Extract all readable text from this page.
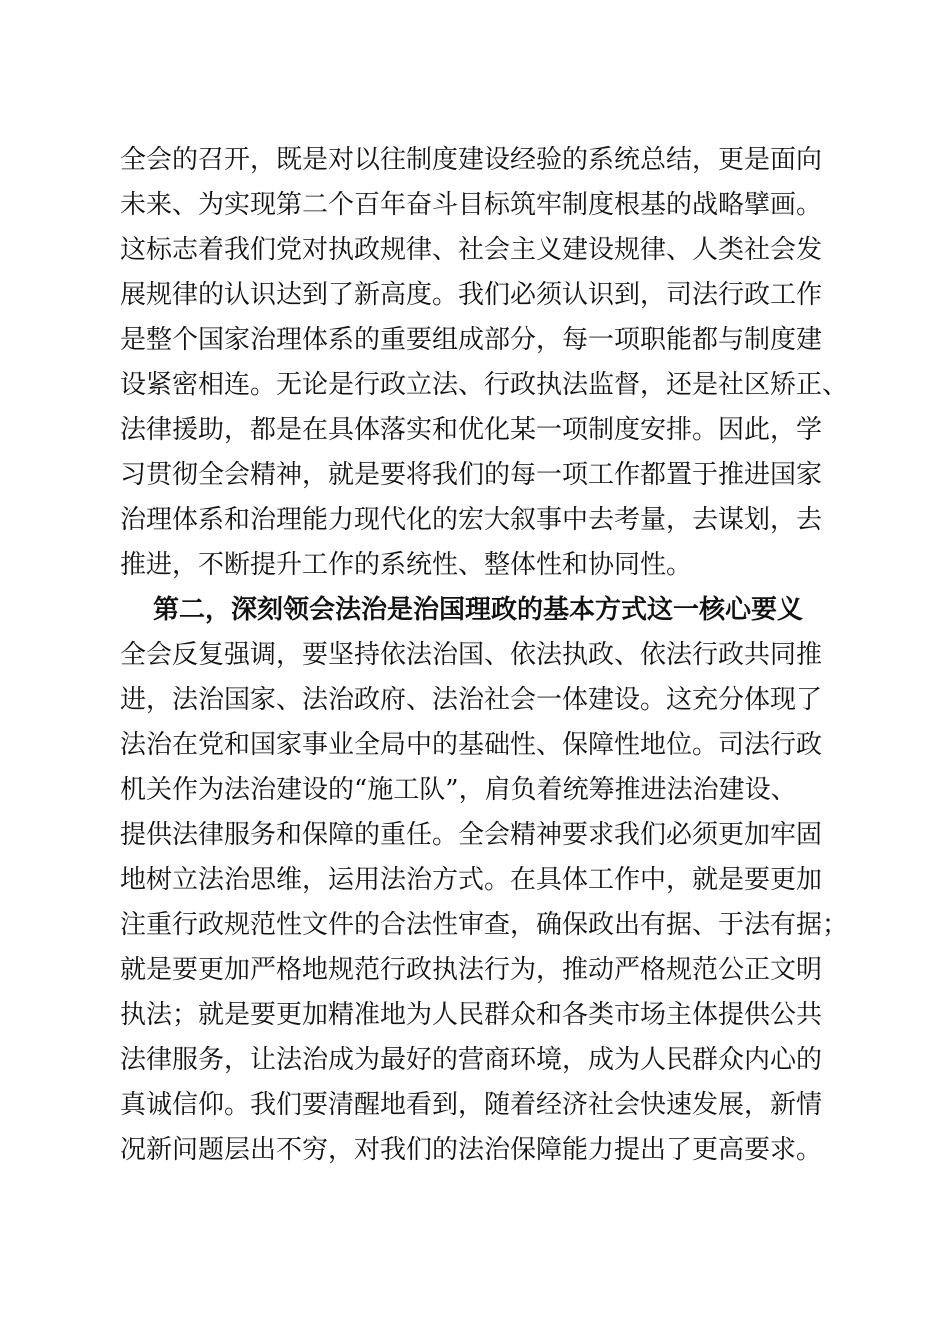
全会的召开，既是对以往制度建设经验的系统总结，更是面向
未来、为实现第二个百年奋斗目标筑牢制度根基的战略擘画。
这标志着我们党对执政规律、社会主义建设规律、人类社会发
展规律的认识达到了新高度。我们必须认识到，司法行政工作
是整个国家治理体系的重要组成部分，每一项职能都与制度建
设紧密相连。无论是行政立法、行政执法监督，还是社区矫正、
法律援助，都是在具体落实和优化某一项制度安排。因此，学
习贯彻全会精神，就是要将我们的每一项工作都置于推进国家
治理体系和治理能力现代化的宏大叙事中去考量，去谋划，去
推进，不断提升工作的系统性、整体性和协同性。
第二，深刻领会法治是治国理政的基本方式这一核心要义
全会反复强调，要坚持依法治国、依法执政、依法行政共同推
进，法治国家、法治政府、法治社会一体建设。这充分体现了
法治在党和国家事业全局中的基础性、保障性地位。司法行政
机关作为法治建设的“施工队”，肩负着统筹推进法治建设、
提供法律服务和保障的重任。全会精神要求我们必须更加牢固
地树立法治思维，运用法治方式。在具体工作中，就是要更加
注重行政规范性文件的合法性审查，确保政出有据、于法有据；
就是要更加严格地规范行政执法行为，推动严格规范公正文明
执法；就是要更加精准地为人民群众和各类市场主体提供公共
法律服务，让法治成为最好的营商环境，成为人民群众内心的
真诚信仰。我们要清醒地看到，随着经济社会快速发展，新情
况新问题层出不穷，对我们的法治保障能力提出了更高要求。
